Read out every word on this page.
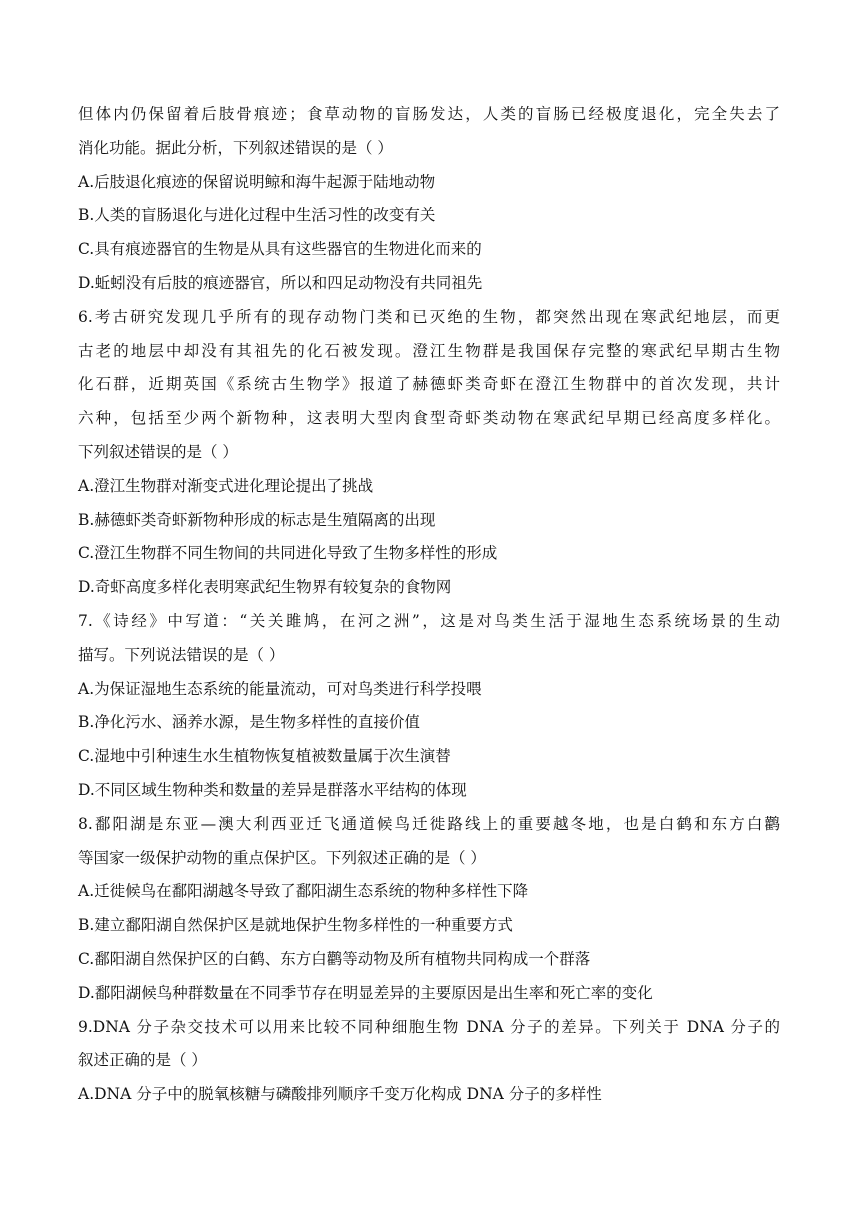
但体内仍保留着后肢骨痕迹；食草动物的盲肠发达，人类的盲肠已经极度退化，完全失去了
消化功能。据此分析，下列叙述错误的是（ ）
A.后肢退化痕迹的保留说明鲸和海牛起源于陆地动物
B.人类的盲肠退化与进化过程中生活习性的改变有关
C.具有痕迹器官的生物是从具有这些器官的生物进化而来的
D.蚯蚓没有后肢的痕迹器官，所以和四足动物没有共同祖先
6.考古研究发现几乎所有的现存动物门类和已灭绝的生物，都突然出现在寒武纪地层，而更
古老的地层中却没有其祖先的化石被发现。澄江生物群是我国保存完整的寒武纪早期古生物
化石群，近期英国《系统古生物学》报道了赫德虾类奇虾在澄江生物群中的首次发现，共计
六种，包括至少两个新物种，这表明大型肉食型奇虾类动物在寒武纪早期已经高度多样化。
下列叙述错误的是（ ）
A.澄江生物群对渐变式进化理论提出了挑战
B.赫德虾类奇虾新物种形成的标志是生殖隔离的出现
C.澄江生物群不同生物间的共同进化导致了生物多样性的形成
D.奇虾高度多样化表明寒武纪生物界有较复杂的食物网
7.《诗经》中写道：“关关雎鸠，在河之洲”，这是对鸟类生活于湿地生态系统场景的生动
描写。下列说法错误的是（ ）
A.为保证湿地生态系统的能量流动，可对鸟类进行科学投喂
B.净化污水、涵养水源，是生物多样性的直接价值
C.湿地中引种速生水生植物恢复植被数量属于次生演替
D.不同区域生物种类和数量的差异是群落水平结构的体现
8.鄱阳湖是东亚—澳大利西亚迁飞通道候鸟迁徙路线上的重要越冬地，也是白鹤和东方白鹳
等国家一级保护动物的重点保护区。下列叙述正确的是（ ）
A.迁徙候鸟在鄱阳湖越冬导致了鄱阳湖生态系统的物种多样性下降
B.建立鄱阳湖自然保护区是就地保护生物多样性的一种重要方式
C.鄱阳湖自然保护区的白鹤、东方白鹳等动物及所有植物共同构成一个群落
D.鄱阳湖候鸟种群数量在不同季节存在明显差异的主要原因是出生率和死亡率的变化
9.DNA 分子杂交技术可以用来比较不同种细胞生物 DNA 分子的差异。下列关于 DNA 分子的
叙述正确的是（ ）
A.DNA 分子中的脱氧核糖与磷酸排列顺序千变万化构成 DNA 分子的多样性
